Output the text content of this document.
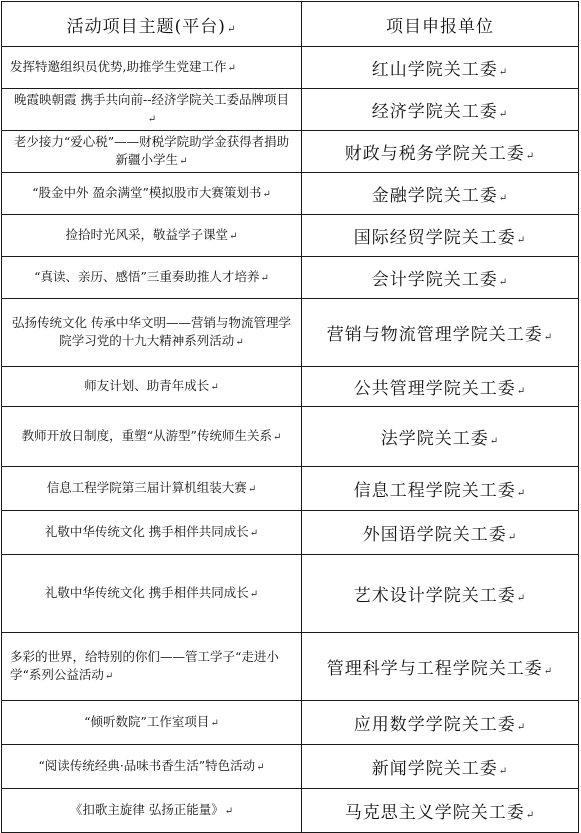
活动项目主题(平台)↵	项目申报单位
发挥特邀组织员优势,助推学生党建工作↵	红山学院关工委↵
晚霞映朝霞 携手共向前--经济学院关工委品牌项目↵	经济学院关工委↵
老少接力“爱心税”——财税学院助学金获得者捐助新疆小学生↵	财政与税务学院关工委↵
“股金中外 盈余满堂”模拟股市大赛策划书↵	金融学院关工委↵
捡拾时光风采，敬益学子课堂↵	国际经贸学院关工委↵
“真读、亲历、感悟”三重奏助推人才培养↵	会计学院关工委↵
弘扬传统文化 传承中华文明——营销与物流管理学院学习党的十九大精神系列活动↵	营销与物流管理学院关工委↵
师友计划、助青年成长↵	公共管理学院关工委↵
教师开放日制度，重塑“从游型”传统师生关系↵	法学院关工委↵
信息工程学院第三届计算机组装大赛↵	信息工程学院关工委↵
礼敬中华传统文化 携手相伴共同成长↵	外国语学院关工委↵
礼敬中华传统文化 携手相伴共同成长↵	艺术设计学院关工委↵
多彩的世界，给特别的你们——管工学子“走进小学“系列公益活动↵	管理科学与工程学院关工委↵
“倾听数院”工作室项目↵	应用数学学院关工委↵
“阅读传统经典·品味书香生活”特色活动↵	新闻学院关工委↵
《扣歌主旋律 弘扬正能量》↵	马克思主义学院关工委↵
